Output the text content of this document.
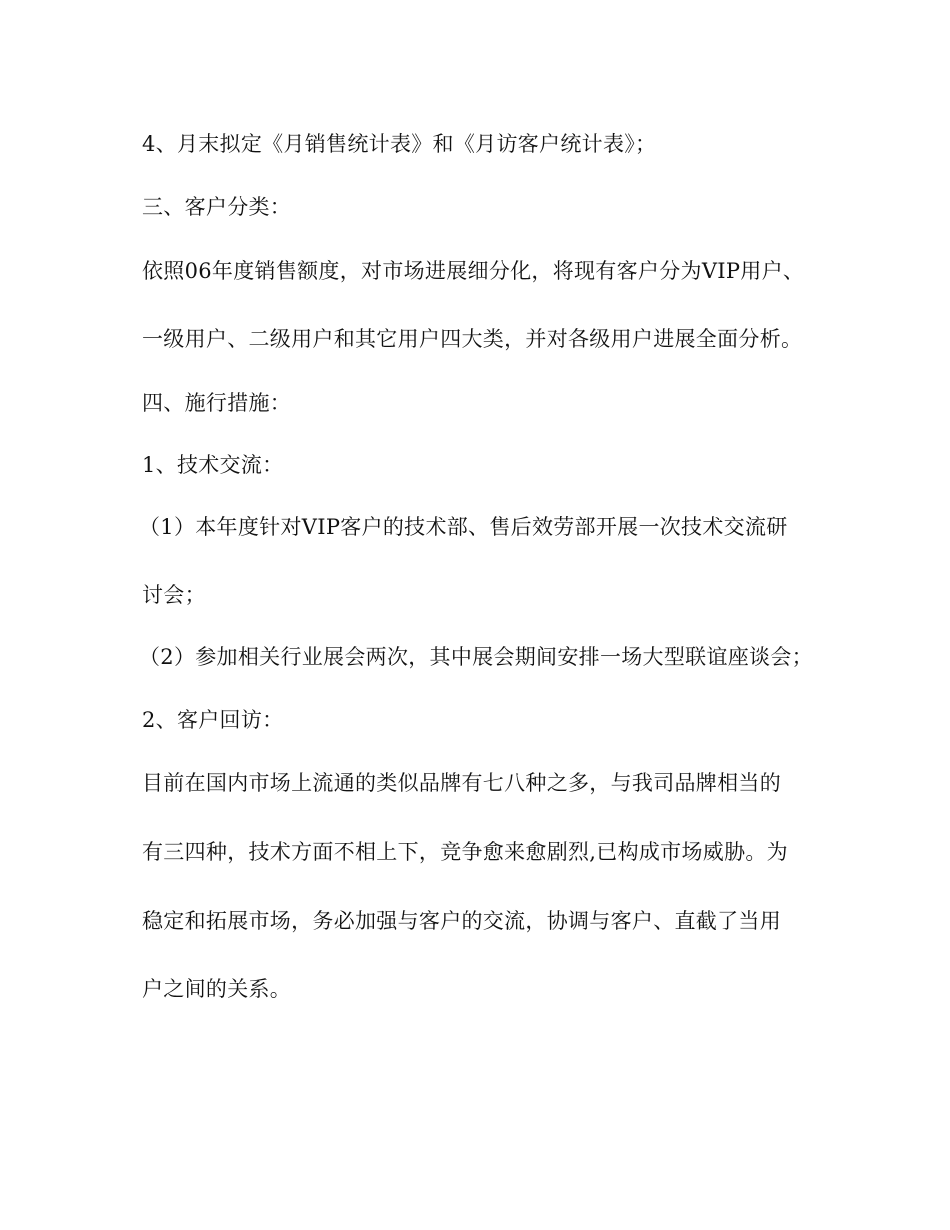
4、月末拟定《月销售统计表》和《月访客户统计表》；

三、客户分类：

依照06年度销售额度，对市场进展细分化，将现有客户分为VIP用户、

一级用户、二级用户和其它用户四大类，并对各级用户进展全面分析。

四、施行措施：

1、技术交流：

（1）本年度针对VIP客户的技术部、售后效劳部开展一次技术交流研

讨会；

（2）参加相关行业展会两次，其中展会期间安排一场大型联谊座谈会；

2、客户回访：

目前在国内市场上流通的类似品牌有七八种之多，与我司品牌相当的

有三四种，技术方面不相上下，竞争愈来愈剧烈,已构成市场威胁。为

稳定和拓展市场，务必加强与客户的交流，协调与客户、直截了当用

户之间的关系。
